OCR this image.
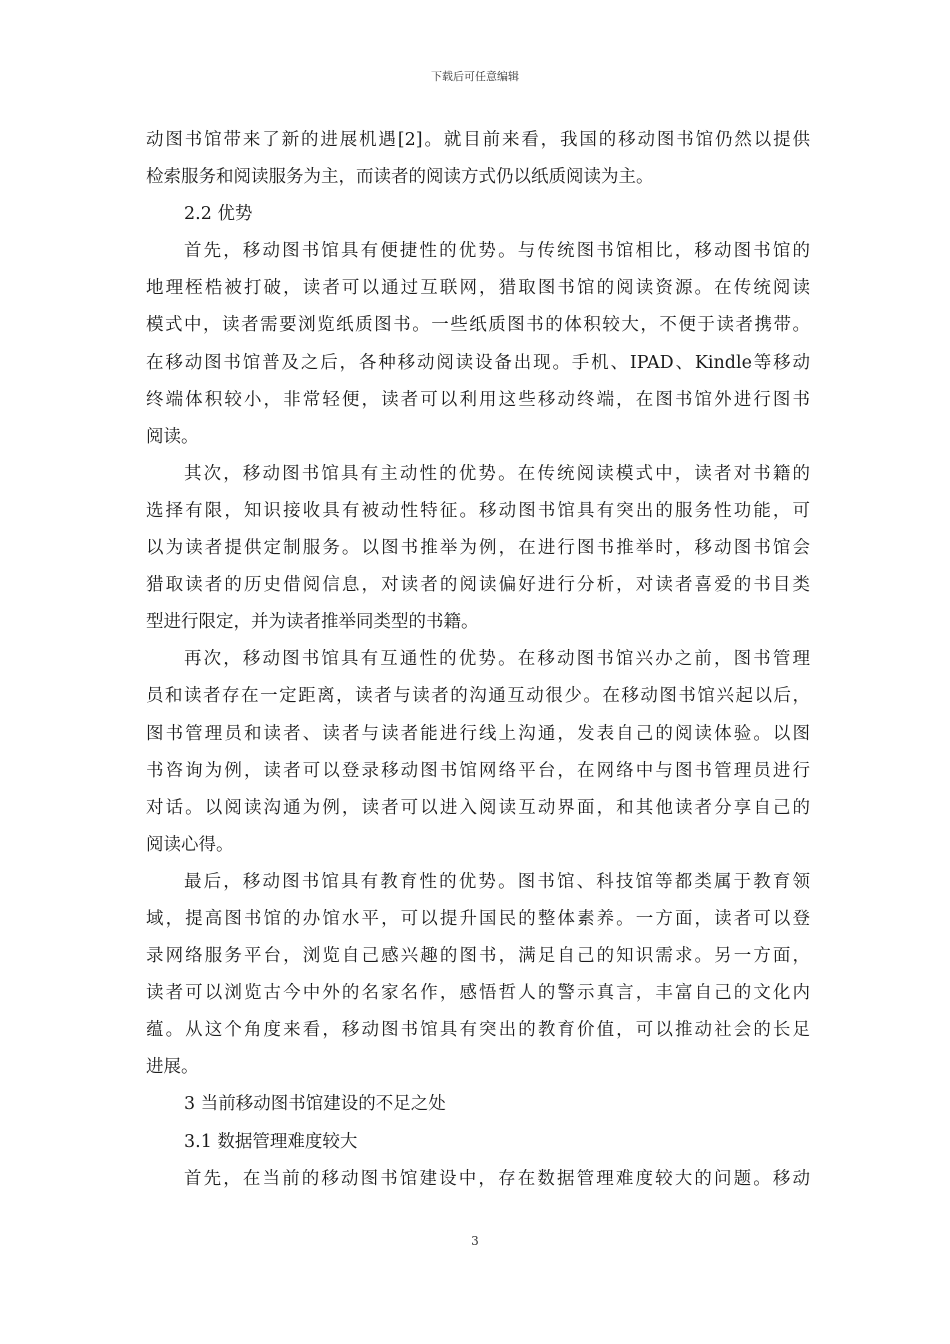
下载后可任意编辑
动图书馆带来了新的进展机遇[2]。就目前来看，我国的移动图书馆仍然以提供
检索服务和阅读服务为主，而读者的阅读方式仍以纸质阅读为主。
2.2 优势
首先，移动图书馆具有便捷性的优势。与传统图书馆相比，移动图书馆的
地理桎梏被打破，读者可以通过互联网，猎取图书馆的阅读资源。在传统阅读
模式中，读者需要浏览纸质图书。一些纸质图书的体积较大，不便于读者携带。
在移动图书馆普及之后，各种移动阅读设备出现。手机、IPAD、Kindle等移动
终端体积较小，非常轻便，读者可以利用这些移动终端，在图书馆外进行图书
阅读。
其次，移动图书馆具有主动性的优势。在传统阅读模式中，读者对书籍的
选择有限，知识接收具有被动性特征。移动图书馆具有突出的服务性功能，可
以为读者提供定制服务。以图书推举为例，在进行图书推举时，移动图书馆会
猎取读者的历史借阅信息，对读者的阅读偏好进行分析，对读者喜爱的书目类
型进行限定，并为读者推举同类型的书籍。
再次，移动图书馆具有互通性的优势。在移动图书馆兴办之前，图书管理
员和读者存在一定距离，读者与读者的沟通互动很少。在移动图书馆兴起以后，
图书管理员和读者、读者与读者能进行线上沟通，发表自己的阅读体验。以图
书咨询为例，读者可以登录移动图书馆网络平台，在网络中与图书管理员进行
对话。以阅读沟通为例，读者可以进入阅读互动界面，和其他读者分享自己的
阅读心得。
最后，移动图书馆具有教育性的优势。图书馆、科技馆等都类属于教育领
域，提高图书馆的办馆水平，可以提升国民的整体素养。一方面，读者可以登
录网络服务平台，浏览自己感兴趣的图书，满足自己的知识需求。另一方面，
读者可以浏览古今中外的名家名作，感悟哲人的警示真言，丰富自己的文化内
蕴。从这个角度来看，移动图书馆具有突出的教育价值，可以推动社会的长足
进展。
3 当前移动图书馆建设的不足之处
3.1 数据管理难度较大
首先，在当前的移动图书馆建设中，存在数据管理难度较大的问题。移动
3
